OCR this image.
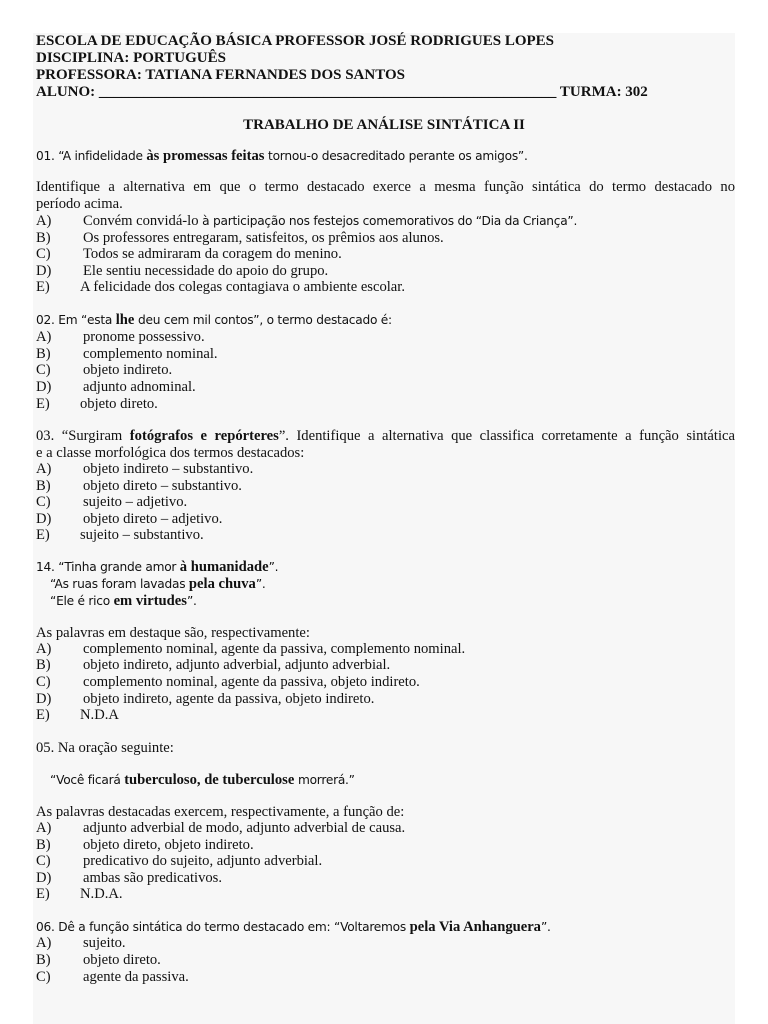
ESCOLA DE EDUCAÇÃO BÁSICA PROFESSOR JOSÉ RODRIGUES LOPES
DISCIPLINA: PORTUGUÊS
PROFESSORA: TATIANA FERNANDES DOS SANTOS
ALUNO: _____________________________________________________________ TURMA: 302
TRABALHO DE ANÁLISE SINTÁTICA II
01. “A infidelidade às promessas feitas tornou-o desacreditado perante os amigos”.
Identifique a alternativa em que o termo destacado exerce a mesma função sintática do termo destacado no
período acima.
A) Convém convidá-lo à participação nos festejos comemorativos do “Dia da Criança”.
B) Os professores entregaram, satisfeitos, os prêmios aos alunos.
C) Todos se admiraram da coragem do menino.
D) Ele sentiu necessidade do apoio do grupo.
E) A felicidade dos colegas contagiava o ambiente escolar.
02. Em “esta lhe deu cem mil contos”, o termo destacado é:
A) pronome possessivo.
B) complemento nominal.
C) objeto indireto.
D) adjunto adnominal.
E) objeto direto.
03. “Surgiram fotógrafos e repórteres”. Identifique a alternativa que classifica corretamente a função sintática
e a classe morfológica dos termos destacados:
A) objeto indireto – substantivo.
B) objeto direto – substantivo.
C) sujeito – adjetivo.
D) objeto direto – adjetivo.
E) sujeito – substantivo.
14. “Tinha grande amor à humanidade”.
“As ruas foram lavadas pela chuva”.
“Ele é rico em virtudes”.
As palavras em destaque são, respectivamente:
A) complemento nominal, agente da passiva, complemento nominal.
B) objeto indireto, adjunto adverbial, adjunto adverbial.
C) complemento nominal, agente da passiva, objeto indireto.
D) objeto indireto, agente da passiva, objeto indireto.
E) N.D.A
05. Na oração seguinte:
“Você ficará tuberculoso, de tuberculose morrerá.”
As palavras destacadas exercem, respectivamente, a função de:
A) adjunto adverbial de modo, adjunto adverbial de causa.
B) objeto direto, objeto indireto.
C) predicativo do sujeito, adjunto adverbial.
D) ambas são predicativos.
E) N.D.A.
06. Dê a função sintática do termo destacado em: “Voltaremos pela Via Anhanguera”.
A) sujeito.
B) objeto direto.
C) agente da passiva.
